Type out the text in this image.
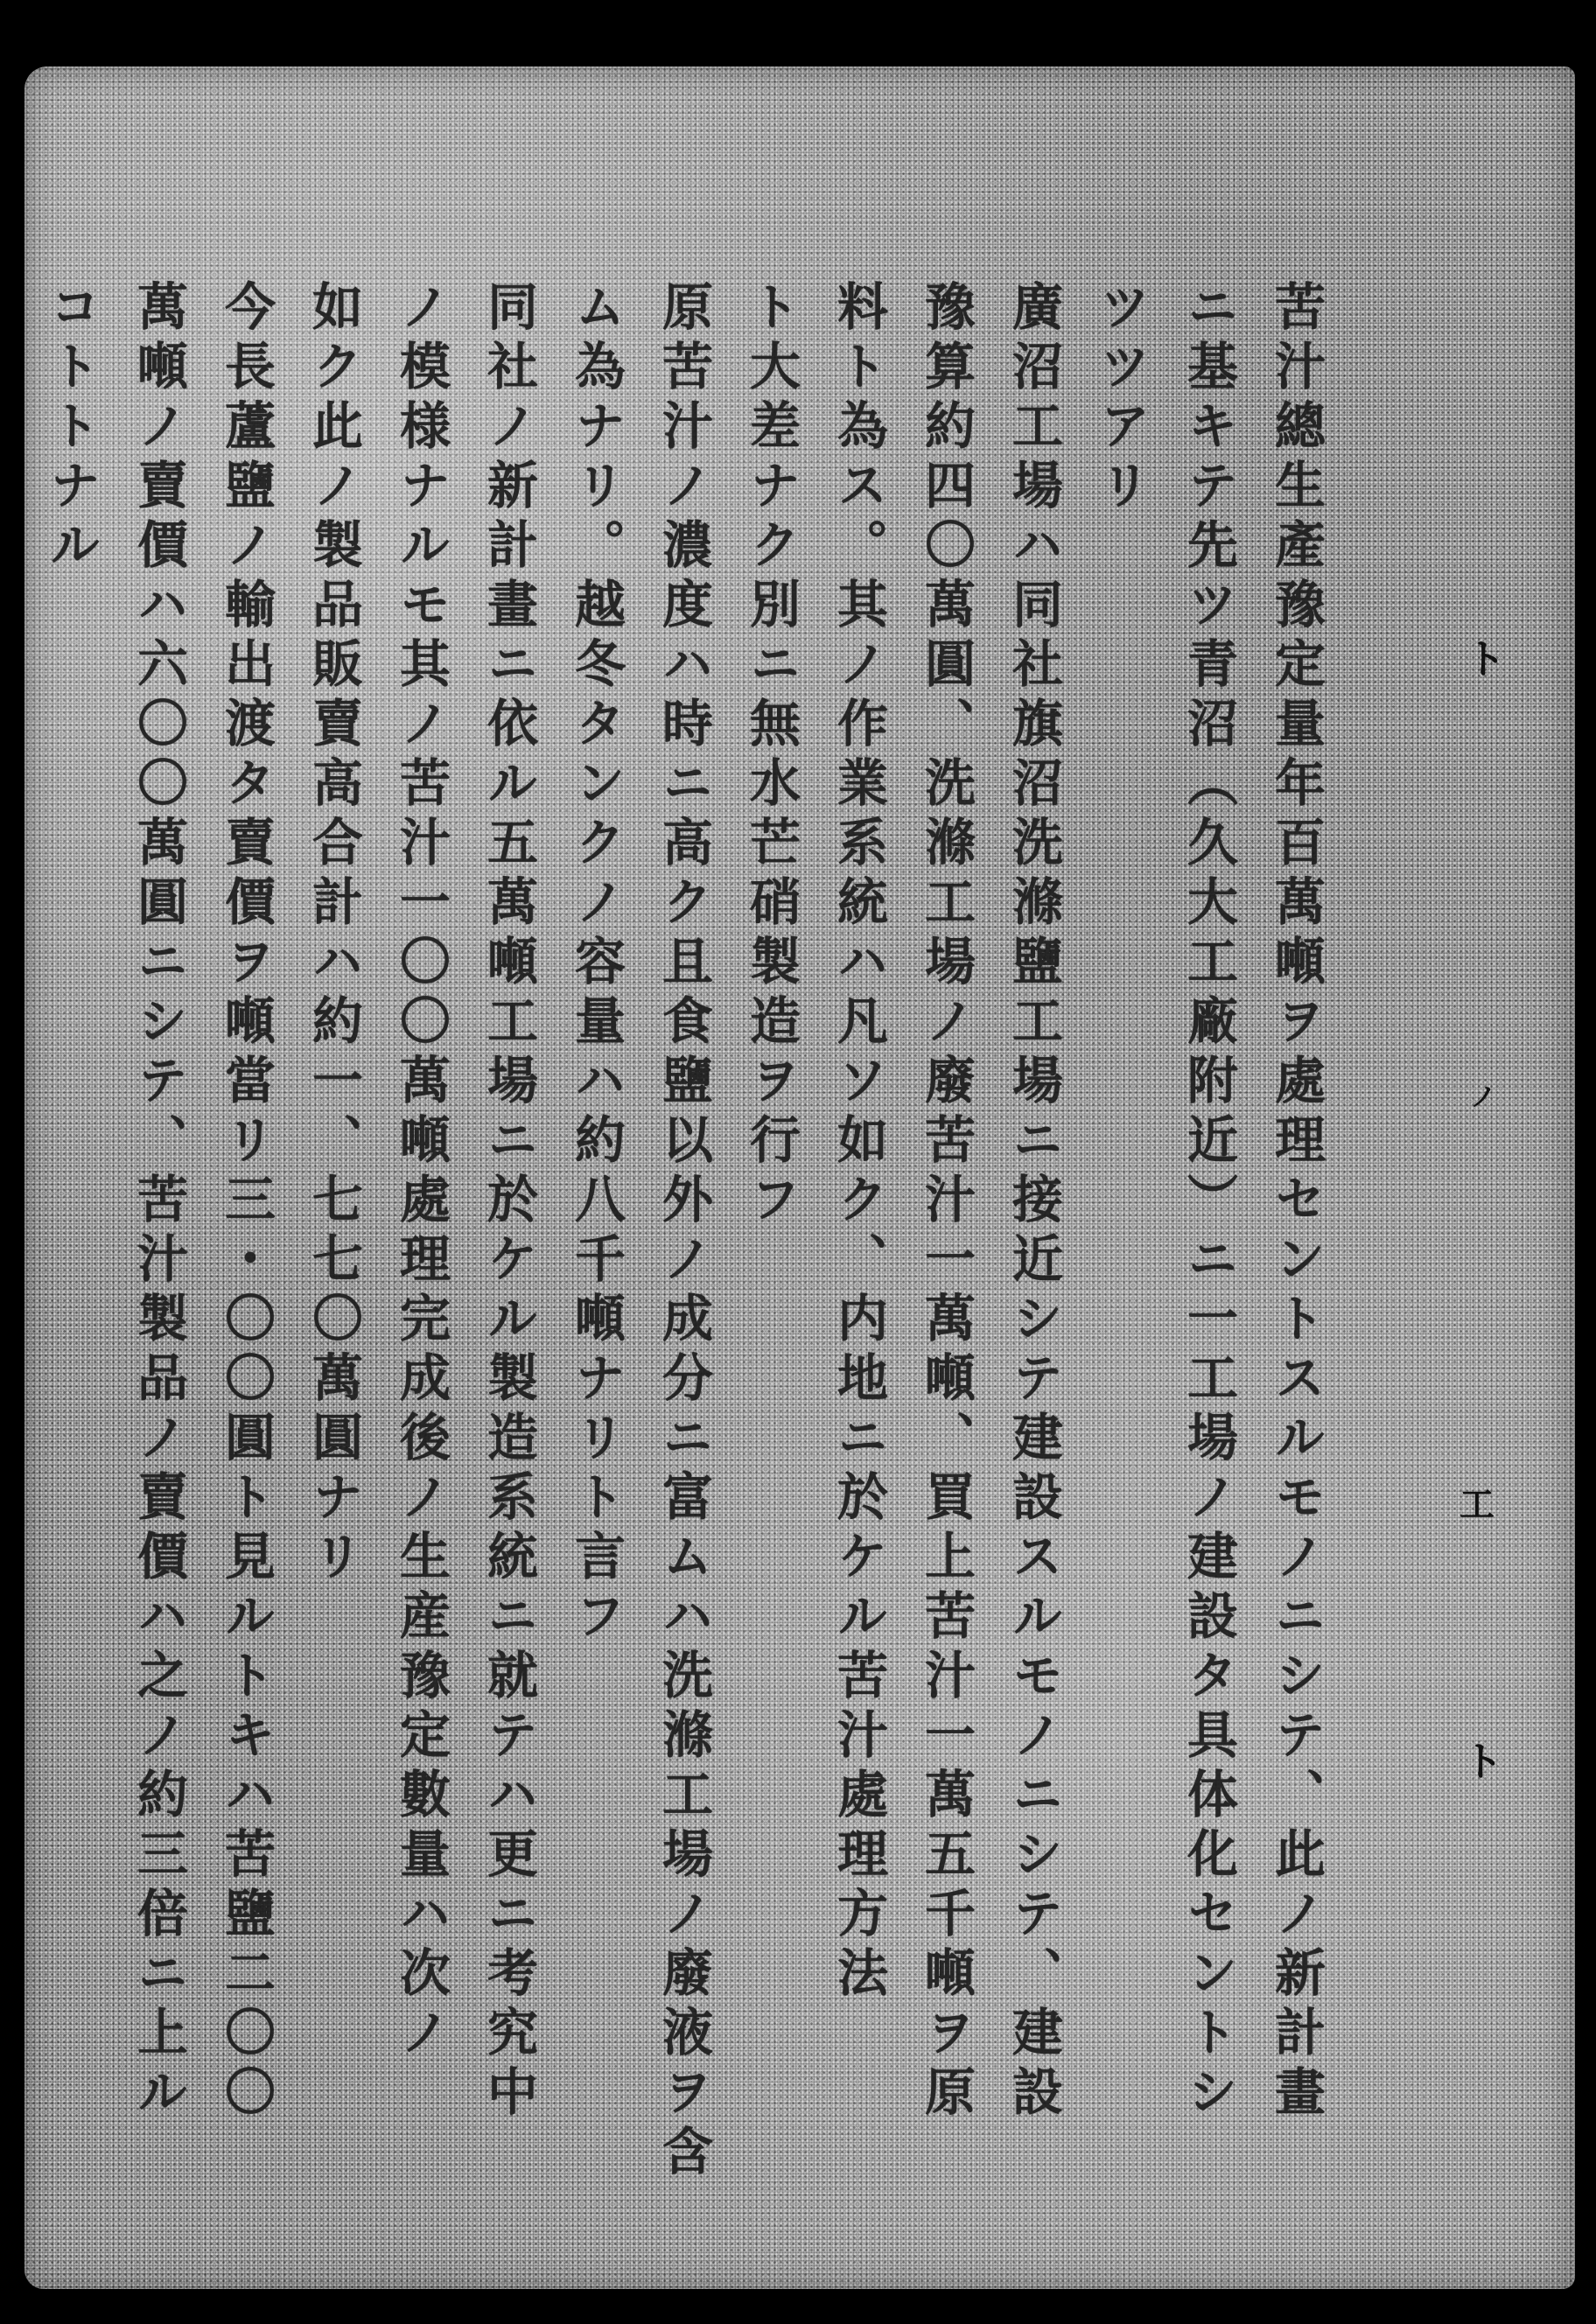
苦汁總生產豫定量年百萬噸ヲ處理セントスルモノニシテ、此ノ新計畫
ニ基キテ先ツ青沼（久大工廠附近）ニ一工場ノ建設タ具体化セントシ
ツツアリ
廣沼工場ハ同社旗沼洗滌鹽工場ニ接近シテ建設スルモノニシテ、建設
豫算約四〇萬圓、洗滌工場ノ廢苦汁一萬噸、買上苦汁一萬五千噸ヲ原
料ト為ス。其ノ作業系統ハ凡ソ如ク、内地ニ於ケル苦汁處理方法
ト大差ナク別ニ無水芒硝製造ヲ行フ
原苦汁ノ濃度ハ時ニ高ク且食鹽以外ノ成分ニ富ムハ洗滌工場ノ廢液ヲ含
ム為ナリ。越冬タンクノ容量ハ約八千噸ナリト言フ
同社ノ新計畫ニ依ル五萬噸工場ニ於ケル製造系統ニ就テハ更ニ考究中
ノ模様ナルモ其ノ苦汁一〇〇萬噸處理完成後ノ生産豫定數量ハ次ノ
如ク此ノ製品販賣高合計ハ約一、七七〇萬圓ナリ
今長蘆鹽ノ輸出渡タ賣價ヲ噸當リ三・〇〇圓ト見ルトキハ苦鹽二〇〇
萬噸ノ賣價ハ六〇〇萬圓ニシテ、苦汁製品ノ賣價ハ之ノ約三倍ニ上ル
コトトナル
ト
ノ
工
ト
